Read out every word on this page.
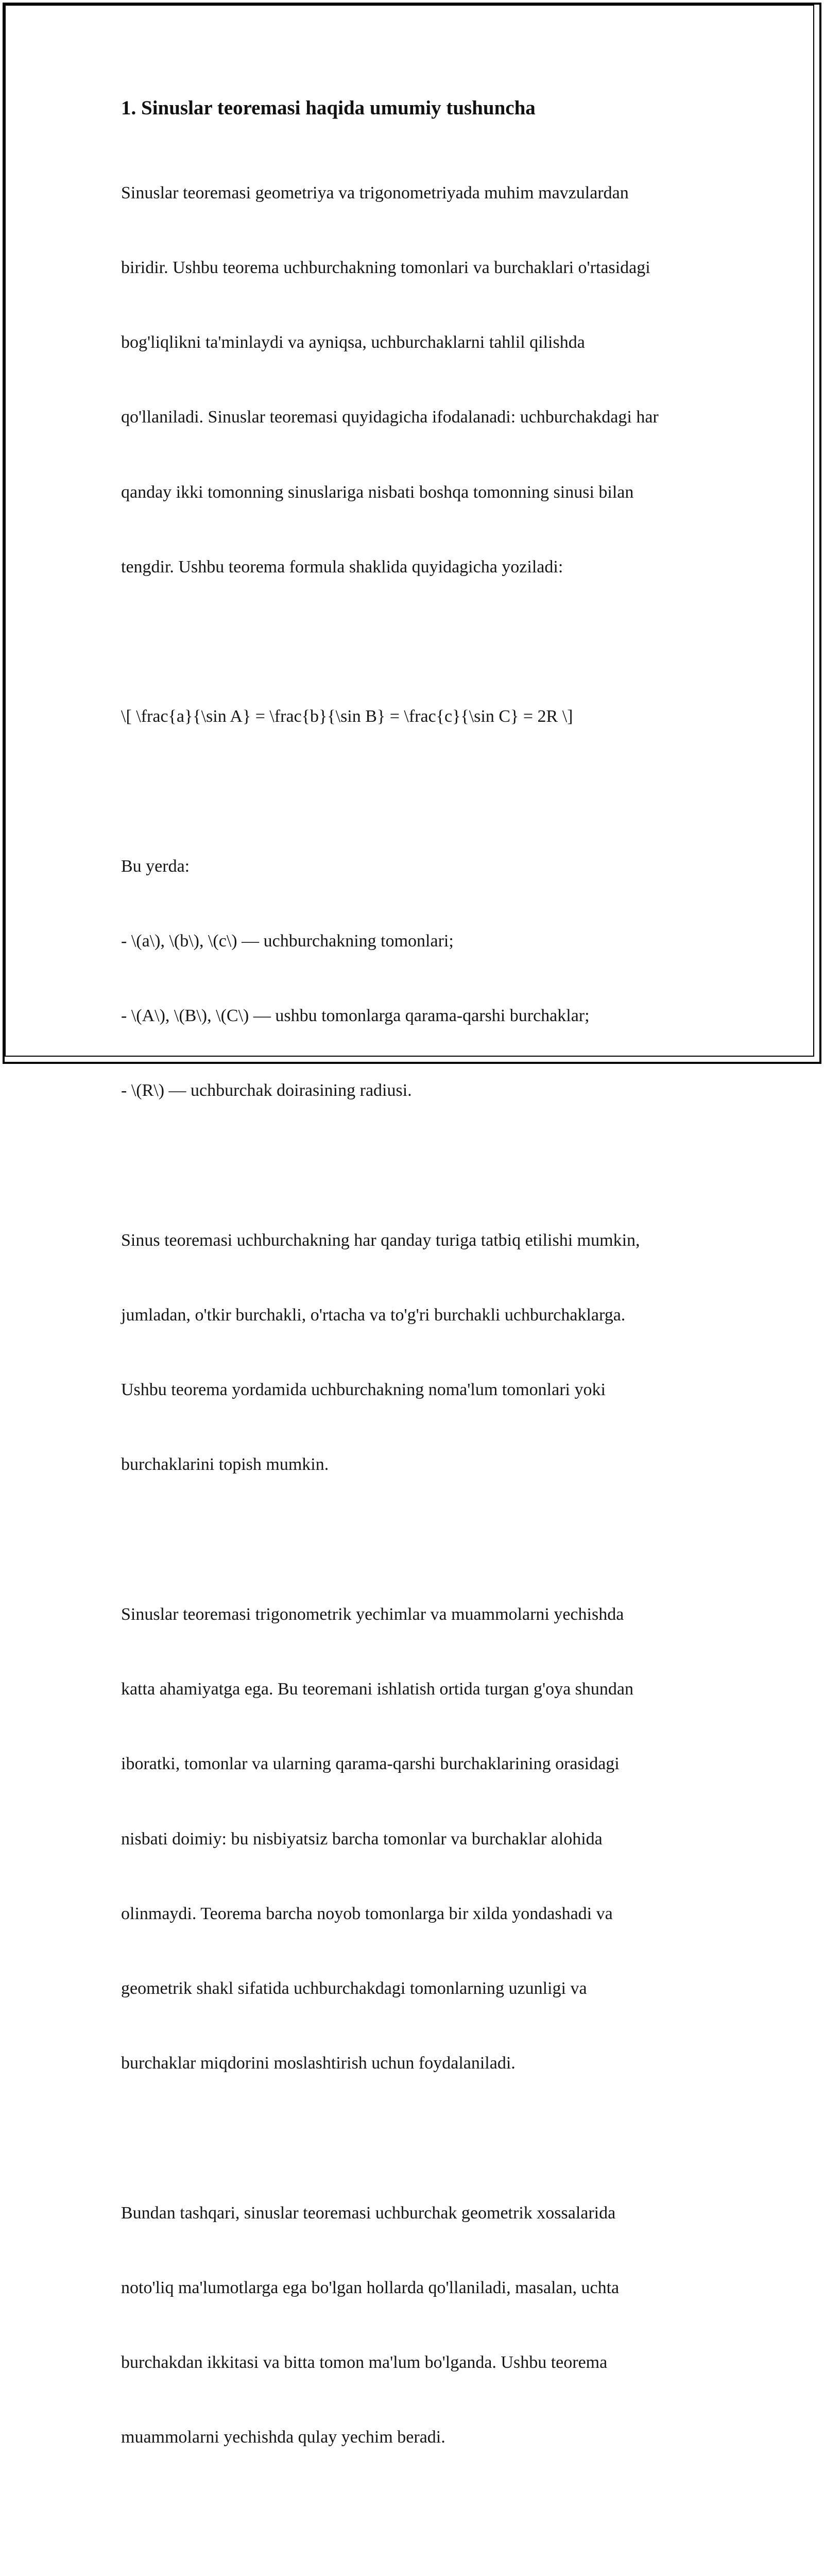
1. Sinuslar teoremasi haqida umumiy tushuncha

Sinuslar teoremasi geometriya va trigonometriyada muhim mavzulardan

biridir. Ushbu teorema uchburchakning tomonlari va burchaklari o'rtasidagi

bog'liqlikni ta'minlaydi va ayniqsa, uchburchaklarni tahlil qilishda

qo'llaniladi. Sinuslar teoremasi quyidagicha ifodalanadi: uchburchakdagi har

qanday ikki tomonning sinuslariga nisbati boshqa tomonning sinusi bilan

tengdir. Ushbu teorema formula shaklida quyidagicha yoziladi:

\[ \frac{a}{\sin A} = \frac{b}{\sin B} = \frac{c}{\sin C} = 2R \]

Bu yerda:

- \(a\), \(b\), \(c\) — uchburchakning tomonlari;

- \(A\), \(B\), \(C\) — ushbu tomonlarga qarama-qarshi burchaklar;

- \(R\) — uchburchak doirasining radiusi.

Sinus teoremasi uchburchakning har qanday turiga tatbiq etilishi mumkin,

jumladan, o'tkir burchakli, o'rtacha va to'g'ri burchakli uchburchaklarga.

Ushbu teorema yordamida uchburchakning noma'lum tomonlari yoki

burchaklarini topish mumkin.

Sinuslar teoremasi trigonometrik yechimlar va muammolarni yechishda

katta ahamiyatga ega. Bu teoremani ishlatish ortida turgan g'oya shundan

iboratki, tomonlar va ularning qarama-qarshi burchaklarining orasidagi

nisbati doimiy: bu nisbiyatsiz barcha tomonlar va burchaklar alohida

olinmaydi. Teorema barcha noyob tomonlarga bir xilda yondashadi va

geometrik shakl sifatida uchburchakdagi tomonlarning uzunligi va

burchaklar miqdorini moslashtirish uchun foydalaniladi.

Bundan tashqari, sinuslar teoremasi uchburchak geometrik xossalarida

noto'liq ma'lumotlarga ega bo'lgan hollarda qo'llaniladi, masalan, uchta

burchakdan ikkitasi va bitta tomon ma'lum bo'lganda. Ushbu teorema

muammolarni yechishda qulay yechim beradi.
